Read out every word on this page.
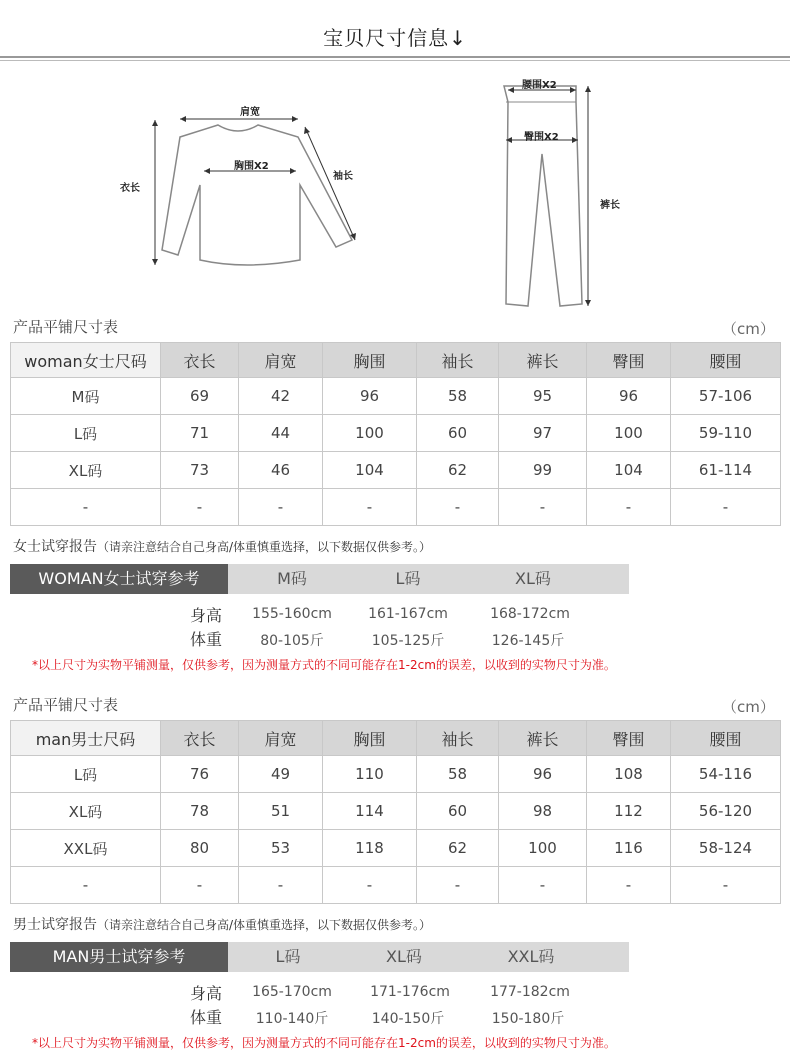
宝贝尺寸信息↓
肩宽
胸围X2
衣长
袖长
腰围X2
臀围X2
裤长
产品平铺尺寸表	（cm）
woman女士尺码	衣长	肩宽	胸围	袖长	裤长	臀围	腰围
M码	69	42	96	58	95	96	57-106
L码	71	44	100	60	97	100	59-110
XL码	73	46	104	62	99	104	61-114
-	-	-	-	-	-	-	-
女士试穿报告（请亲注意结合自己身高/体重慎重选择，以下数据仅供参考。）
WOMAN女士试穿参考	M码	L码	XL码
身高	155-160cm	161-167cm	168-172cm
体重	80-105斤	105-125斤	126-145斤
*以上尺寸为实物平铺测量，仅供参考，因为测量方式的不同可能存在1-2cm的误差，以收到的实物尺寸为准。
产品平铺尺寸表	（cm）
man男士尺码	衣长	肩宽	胸围	袖长	裤长	臀围	腰围
L码	76	49	110	58	96	108	54-116
XL码	78	51	114	60	98	112	56-120
XXL码	80	53	118	62	100	116	58-124
-	-	-	-	-	-	-	-
男士试穿报告（请亲注意结合自己身高/体重慎重选择，以下数据仅供参考。）
MAN男士试穿参考	L码	XL码	XXL码
身高	165-170cm	171-176cm	177-182cm
体重	110-140斤	140-150斤	150-180斤
*以上尺寸为实物平铺测量，仅供参考，因为测量方式的不同可能存在1-2cm的误差，以收到的实物尺寸为准。
